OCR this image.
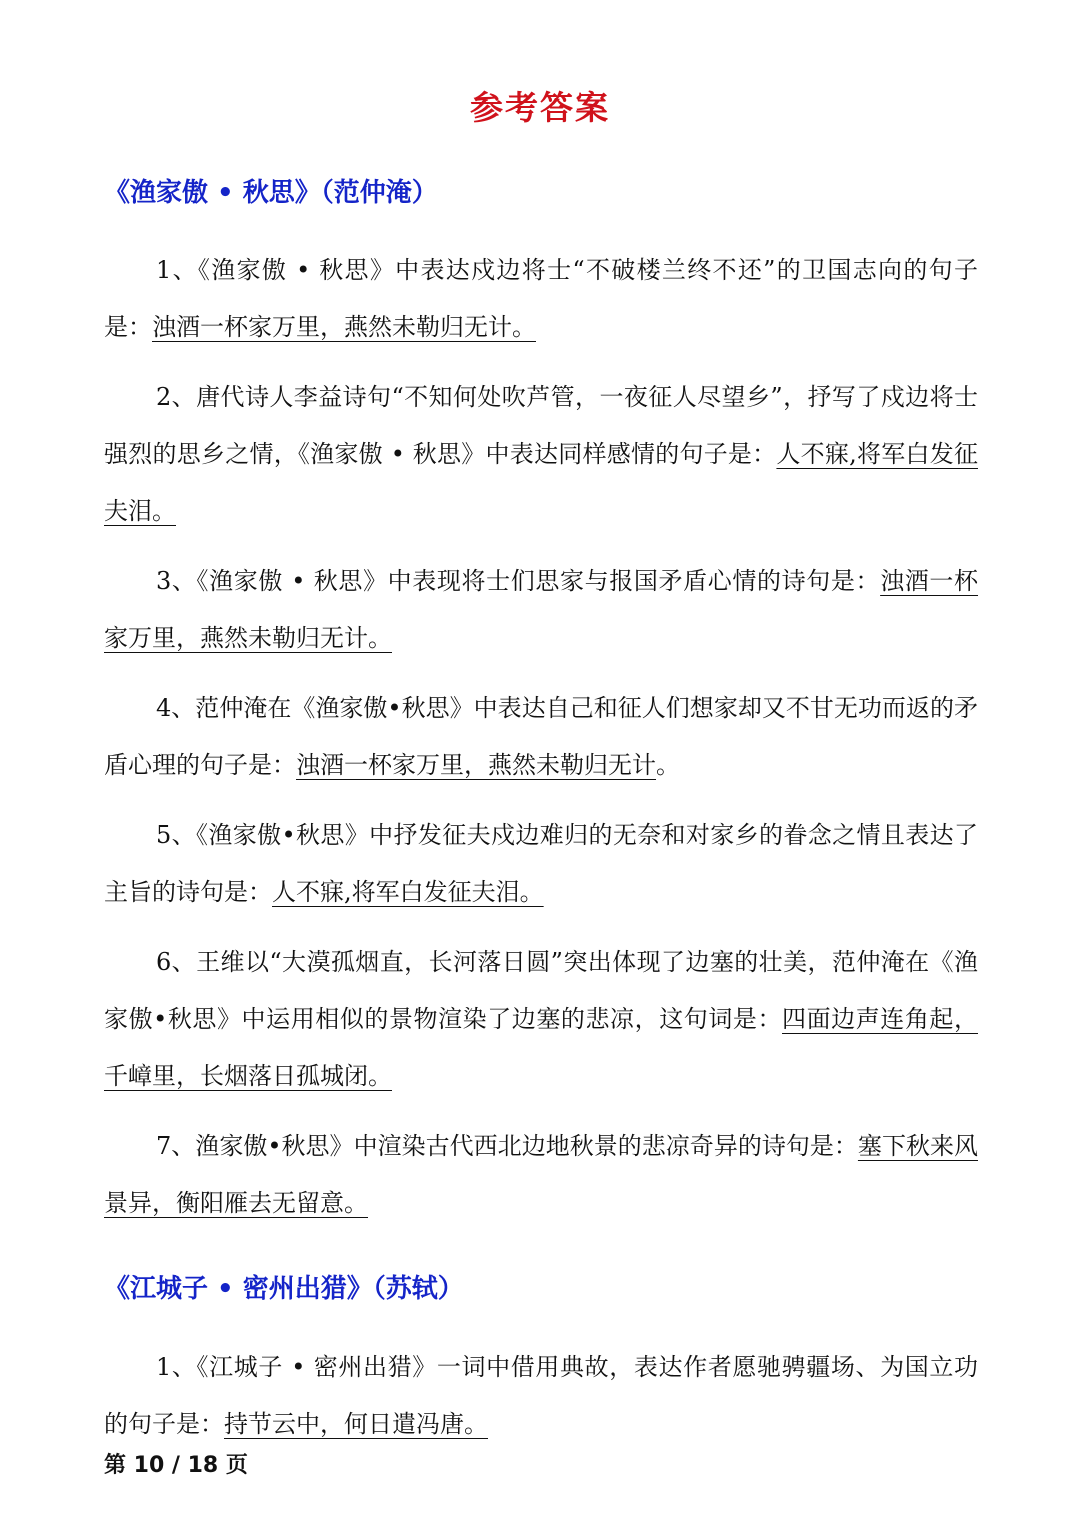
参考答案
《渔家傲 • 秋思》（范仲淹）

1、《渔家傲 • 秋思》中表达戍边将士“不破楼兰终不还”的卫国志向的句子是：浊酒一杯家万里，燕然未勒归无计。

2、唐代诗人李益诗句“不知何处吹芦管，一夜征人尽望乡”，抒写了戍边将士强烈的思乡之情，《渔家傲 • 秋思》中表达同样感情的句子是：人不寐,将军白发征夫泪。

3、《渔家傲 • 秋思》中表现将士们思家与报国矛盾心情的诗句是：浊酒一杯家万里，燕然未勒归无计。

4、范仲淹在《渔家傲•秋思》中表达自己和征人们想家却又不甘无功而返的矛盾心理的句子是：浊酒一杯家万里，燕然未勒归无计。

5、《渔家傲•秋思》中抒发征夫戍边难归的无奈和对家乡的眷念之情且表达了主旨的诗句是：人不寐,将军白发征夫泪。

6、王维以“大漠孤烟直，长河落日圆”突出体现了边塞的壮美，范仲淹在《渔家傲•秋思》中运用相似的景物渲染了边塞的悲凉，这句词是：四面边声连角起，千嶂里，长烟落日孤城闭。

7、渔家傲•秋思》中渲染古代西北边地秋景的悲凉奇异的诗句是：塞下秋来风景异，衡阳雁去无留意。

《江城子 • 密州出猎》（苏轼）

1、《江城子 • 密州出猎》一词中借用典故，表达作者愿驰骋疆场、为国立功的句子是：持节云中，何日遣冯唐。

第 10 / 18 页
